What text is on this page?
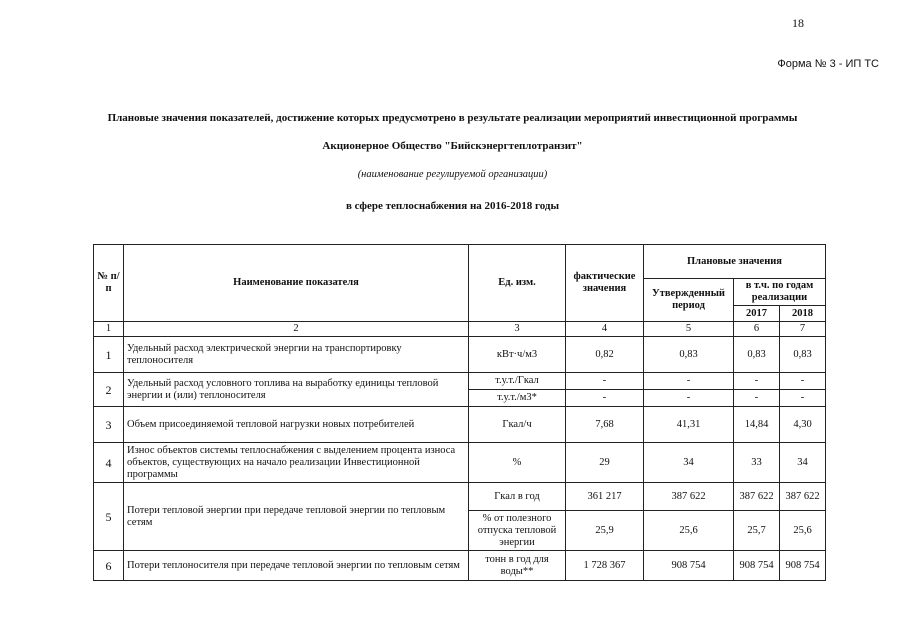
18
Форма № 3 - ИП ТС
Плановые значения показателей, достижение которых предусмотрено в результате реализации мероприятий инвестиционной программы
Акционерное Общество "Бийскэнергтеплотранзит"
(наименование регулируемой организации)
в сфере теплоснабжения на 2016-2018 годы
№ п/п	Наименование показателя	Ед. изм.	фактические значения	Плановые значения		
				Утвержденный период	в т.ч. по годам реализации	
					2017	2018
1	2	3	4	5	6	7
1	Удельный расход электрической энергии на транспортировку теплоносителя	кВт·ч/м3	0,82	0,83	0,83	0,83
2	Удельный расход условного топлива на выработку единицы тепловой энергии и (или) теплоносителя	т.у.т./Гкал	-	-	-	-
		т.у.т./м3*	-	-	-	-
3	Объем присоединяемой тепловой нагрузки новых потребителей	Гкал/ч	7,68	41,31	14,84	4,30
4	Износ объектов системы теплоснабжения с выделением процента износа объектов, существующих на начало реализации Инвестиционной программы	%	29	34	33	34
5	Потери тепловой энергии при передаче тепловой энергии по тепловым сетям	Гкал в год	361 217	387 622	387 622	387 622
		% от полезного отпуска тепловой энергии	25,9	25,6	25,7	25,6
6	Потери теплоносителя при передаче тепловой энергии по тепловым сетям	тонн в год для воды**	1 728 367	908 754	908 754	908 754
